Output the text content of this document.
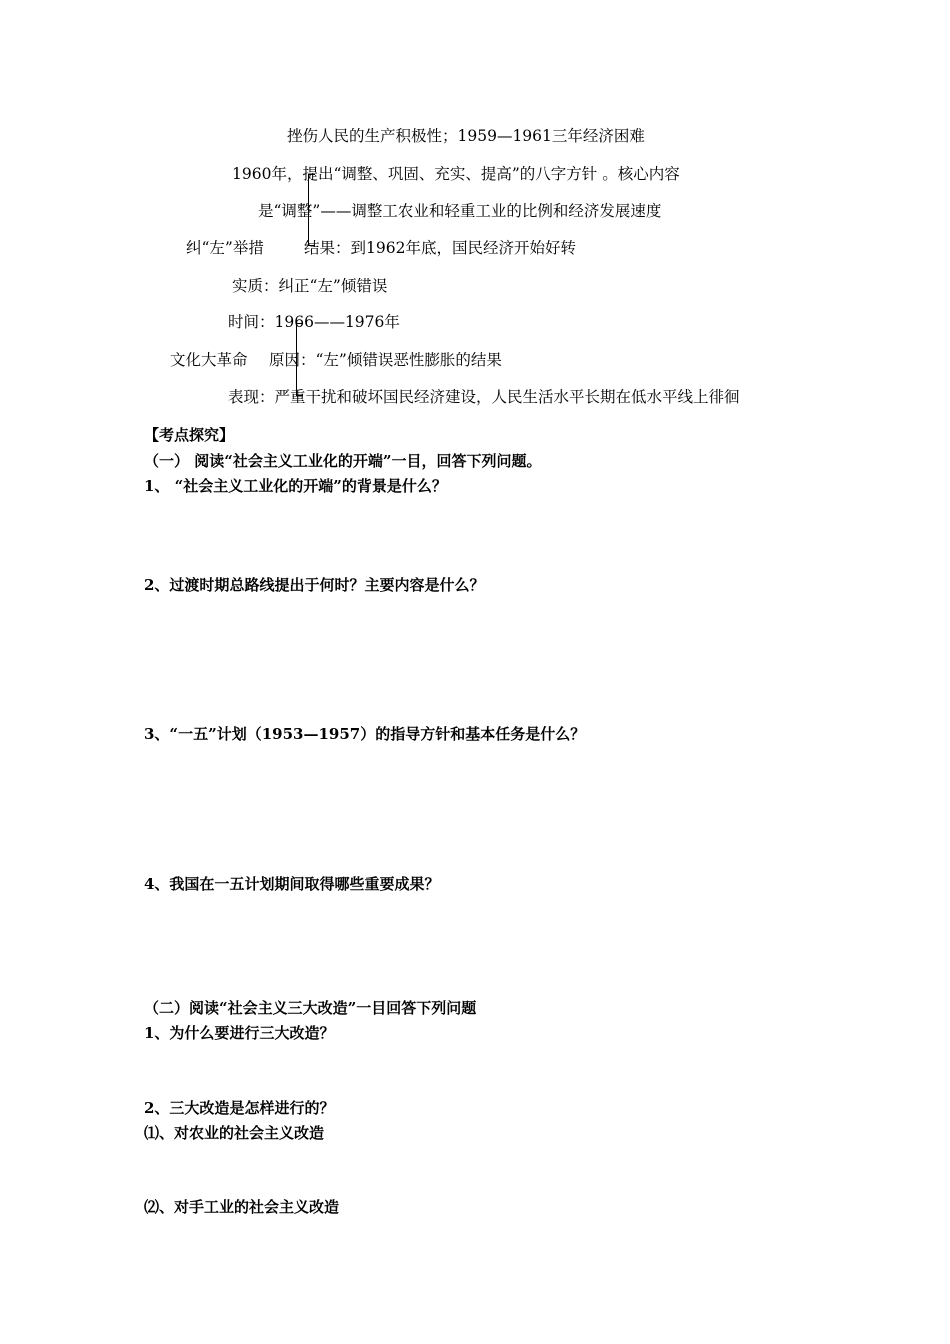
挫伤人民的生产积极性；1959—1961三年经济困难
1960年，提出“调整、巩固、充实、提高”的八字方针 。核心内容
是“调整”——调整工农业和轻重工业的比例和经济发展速度
纠“左”举措	结果：到1962年底，国民经济开始好转
实质：纠正“左”倾错误
时间：1966——1976年
文化大革命 原因：“左”倾错误恶性膨胀的结果
表现：严重干扰和破坏国民经济建设，人民生活水平长期在低水平线上徘徊
【考点探究】
（一） 阅读“社会主义工业化的开端”一目，回答下列问题。
1、 “社会主义工业化的开端”的背景是什么？
2、过渡时期总路线提出于何时？主要内容是什么？
3、“一五”计划（1953—1957）的指导方针和基本任务是什么？
4、我国在一五计划期间取得哪些重要成果？
（二）阅读“社会主义三大改造”一目回答下列问题
1、为什么要进行三大改造？
2、三大改造是怎样进行的？
⑴、对农业的社会主义改造
⑵、对手工业的社会主义改造
